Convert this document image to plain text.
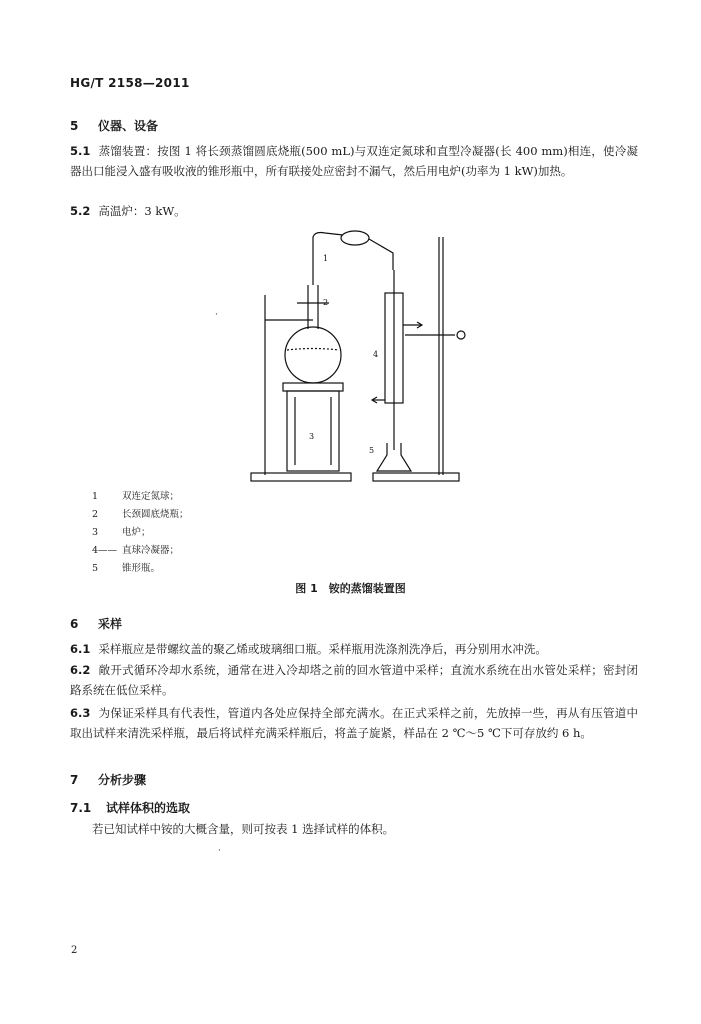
HG/T 2158—2011
5 仪器、设备
5.1 蒸馏装置：按图 1 将长颈蒸馏圆底烧瓶(500 mL)与双连定氮球和直型冷凝器(长 400 mm)相连，使冷凝器出口能浸入盛有吸收液的锥形瓶中，所有联接处应密封不漏气，然后用电炉(功率为 1 kW)加热。
5.2 高温炉：3 kW。
·
1
2
3
4
5
1	双连定氮球；
2	长颈圆底烧瓶；
3	电炉；
4—— 直球冷凝器；
5	锥形瓶。
图 1　铵的蒸馏装置图
6 采样
6.1 采样瓶应是带螺纹盖的聚乙烯或玻璃细口瓶。采样瓶用洗涤剂洗净后，再分别用水冲洗。
6.2 敞开式循环冷却水系统，通常在进入冷却塔之前的回水管道中采样；直流水系统在出水管处采样；密封闭路系统在低位采样。
6.3 为保证采样具有代表性，管道内各处应保持全部充满水。在正式采样之前，先放掉一些，再从有压管道中取出试样来清洗采样瓶，最后将试样充满采样瓶后，将盖子旋紧，样品在 2 ℃～5 ℃下可存放约 6 h。
7 分析步骤
7.1 试样体积的选取
若已知试样中铵的大概含量，则可按表 1 选择试样的体积。
·
2
